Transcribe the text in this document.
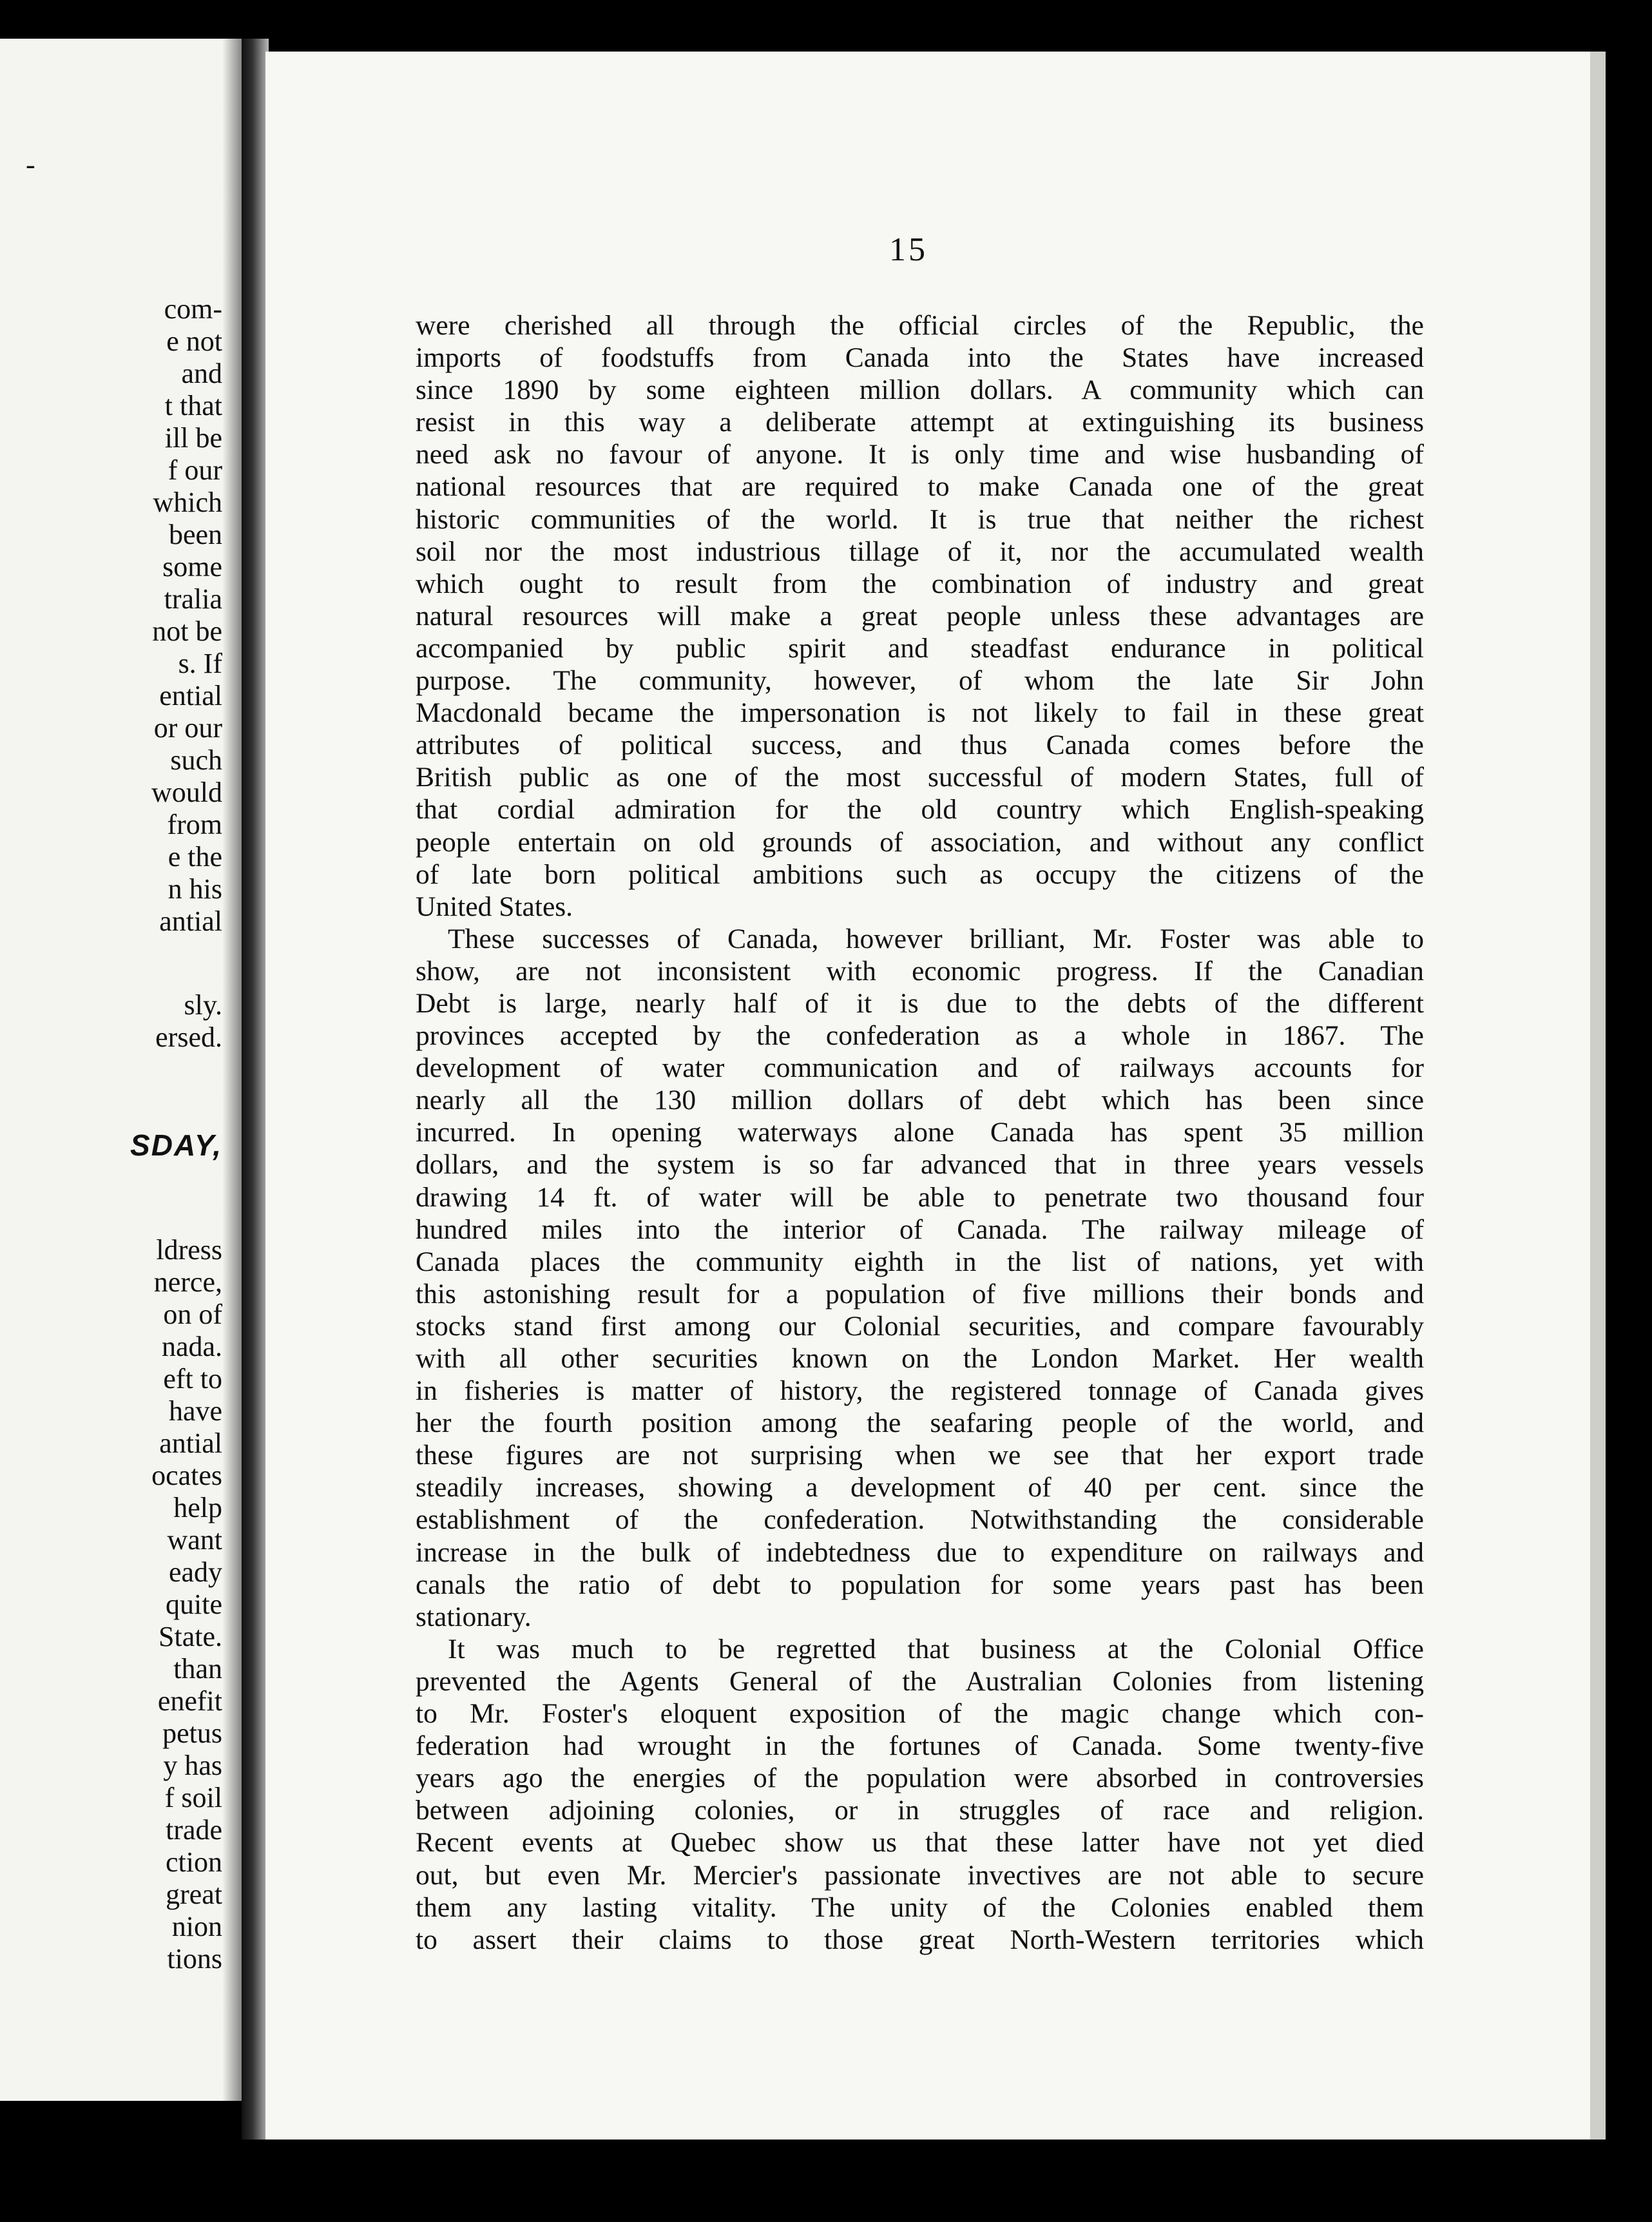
-
com-
e not
and
t that
ill be
f our
which
been
some
tralia
not be
s. If
ential
or our
such
would
from
e the
n his
antial
sly.
ersed.
SDAY,
ldress
nerce,
on of
nada.
eft to
have
antial
ocates
help
want
eady
quite
State.
than
enefit
petus
y has
f soil
trade
ction
great
nion
tions
15
were cherished all through the official circles of the Republic, the
imports of foodstuffs from Canada into the States have increased
since 1890 by some eighteen million dollars. A community which can
resist in this way a deliberate attempt at extinguishing its business
need ask no favour of anyone. It is only time and wise husbanding of
national resources that are required to make Canada one of the great
historic communities of the world. It is true that neither the richest
soil nor the most industrious tillage of it, nor the accumulated wealth
which ought to result from the combination of industry and great
natural resources will make a great people unless these advantages are
accompanied by public spirit and steadfast endurance in political
purpose. The community, however, of whom the late Sir John
Macdonald became the impersonation is not likely to fail in these great
attributes of political success, and thus Canada comes before the
British public as one of the most successful of modern States, full of
that cordial admiration for the old country which English-speaking
people entertain on old grounds of association, and without any conflict
of late born political ambitions such as occupy the citizens of the
United States.
These successes of Canada, however brilliant, Mr. Foster was able to
show, are not inconsistent with economic progress. If the Canadian
Debt is large, nearly half of it is due to the debts of the different
provinces accepted by the confederation as a whole in 1867. The
development of water communication and of railways accounts for
nearly all the 130 million dollars of debt which has been since
incurred. In opening waterways alone Canada has spent 35 million
dollars, and the system is so far advanced that in three years vessels
drawing 14 ft. of water will be able to penetrate two thousand four
hundred miles into the interior of Canada. The railway mileage of
Canada places the community eighth in the list of nations, yet with
this astonishing result for a population of five millions their bonds and
stocks stand first among our Colonial securities, and compare favourably
with all other securities known on the London Market. Her wealth
in fisheries is matter of history, the registered tonnage of Canada gives
her the fourth position among the seafaring people of the world, and
these figures are not surprising when we see that her export trade
steadily increases, showing a development of 40 per cent. since the
establishment of the confederation. Notwithstanding the considerable
increase in the bulk of indebtedness due to expenditure on railways and
canals the ratio of debt to population for some years past has been
stationary.
It was much to be regretted that business at the Colonial Office
prevented the Agents General of the Australian Colonies from listening
to Mr. Foster's eloquent exposition of the magic change which con-
federation had wrought in the fortunes of Canada. Some twenty-five
years ago the energies of the population were absorbed in controversies
between adjoining colonies, or in struggles of race and religion.
Recent events at Quebec show us that these latter have not yet died
out, but even Mr. Mercier's passionate invectives are not able to secure
them any lasting vitality. The unity of the Colonies enabled them
to assert their claims to those great North-Western territories which
